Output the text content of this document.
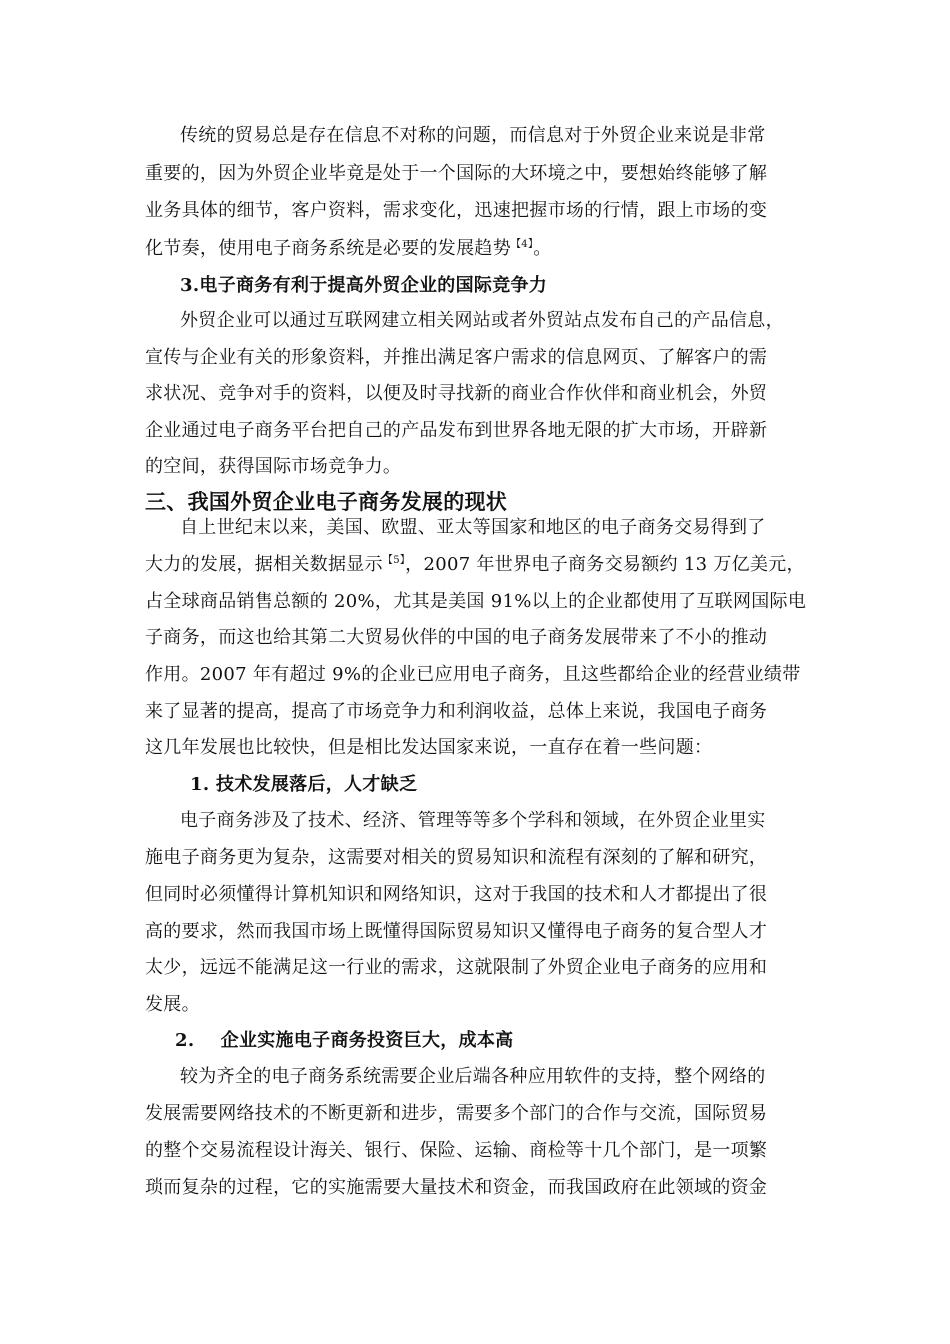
传统的贸易总是存在信息不对称的问题，而信息对于外贸企业来说是非常
重要的，因为外贸企业毕竟是处于一个国际的大环境之中，要想始终能够了解
业务具体的细节，客户资料，需求变化，迅速把握市场的行情，跟上市场的变
化节奏，使用电子商务系统是必要的发展趋势$^{【4】}$。
3.电子商务有利于提高外贸企业的国际竞争力
外贸企业可以通过互联网建立相关网站或者外贸站点发布自己的产品信息，
宣传与企业有关的形象资料，并推出满足客户需求的信息网页、了解客户的需
求状况、竞争对手的资料，以便及时寻找新的商业合作伙伴和商业机会，外贸
企业通过电子商务平台把自己的产品发布到世界各地无限的扩大市场，开辟新
的空间，获得国际市场竞争力。
三、我国外贸企业电子商务发展的现状
自上世纪末以来，美国、欧盟、亚太等国家和地区的电子商务交易得到了
大力的发展，据相关数据显示$^{【5】}$，2007 年世界电子商务交易额约 13 万亿美元，
占全球商品销售总额的 20%，尤其是美国 91%以上的企业都使用了互联网国际电
子商务，而这也给其第二大贸易伙伴的中国的电子商务发展带来了不小的推动
作用。2007 年有超过 9%的企业已应用电子商务，且这些都给企业的经营业绩带
来了显著的提高，提高了市场竞争力和利润收益，总体上来说，我国电子商务
这几年发展也比较快，但是相比发达国家来说，一直存在着一些问题：
1. 技术发展落后，人才缺乏
电子商务涉及了技术、经济、管理等等多个学科和领域，在外贸企业里实
施电子商务更为复杂，这需要对相关的贸易知识和流程有深刻的了解和研究，
但同时必须懂得计算机知识和网络知识，这对于我国的技术和人才都提出了很
高的要求，然而我国市场上既懂得国际贸易知识又懂得电子商务的复合型人才
太少，远远不能满足这一行业的需求，这就限制了外贸企业电子商务的应用和
发展。
2.    企业实施电子商务投资巨大，成本高
较为齐全的电子商务系统需要企业后端各种应用软件的支持，整个网络的
发展需要网络技术的不断更新和进步，需要多个部门的合作与交流，国际贸易
的整个交易流程设计海关、银行、保险、运输、商检等十几个部门，是一项繁
琐而复杂的过程，它的实施需要大量技术和资金，而我国政府在此领域的资金
